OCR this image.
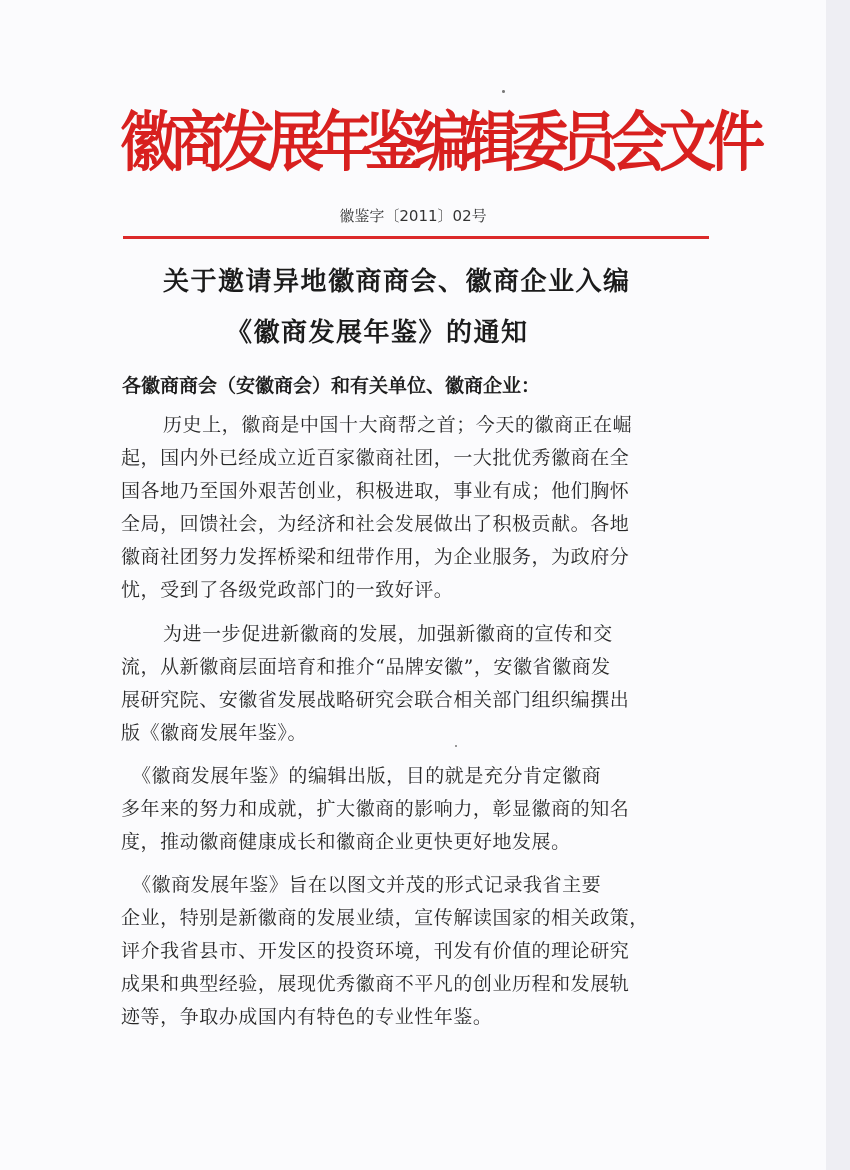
徽商发展年鉴编辑委员会文件
徽鉴字〔2011〕02号
关于邀请异地徽商商会、徽商企业入编
《徽商发展年鉴》的通知
各徽商商会（安徽商会）和有关单位、徽商企业：
历史上，徽商是中国十大商帮之首；今天的徽商正在崛
起，国内外已经成立近百家徽商社团，一大批优秀徽商在全
国各地乃至国外艰苦创业，积极进取，事业有成；他们胸怀
全局，回馈社会，为经济和社会发展做出了积极贡献。各地
徽商社团努力发挥桥梁和纽带作用，为企业服务，为政府分
忧，受到了各级党政部门的一致好评。
为进一步促进新徽商的发展，加强新徽商的宣传和交
流，从新徽商层面培育和推介“品牌安徽”，安徽省徽商发
展研究院、安徽省发展战略研究会联合相关部门组织编撰出
版《徽商发展年鉴》。
《徽商发展年鉴》的编辑出版，目的就是充分肯定徽商
多年来的努力和成就，扩大徽商的影响力，彰显徽商的知名
度，推动徽商健康成长和徽商企业更快更好地发展。
《徽商发展年鉴》旨在以图文并茂的形式记录我省主要
企业，特别是新徽商的发展业绩，宣传解读国家的相关政策，
评介我省县市、开发区的投资环境，刊发有价值的理论研究
成果和典型经验，展现优秀徽商不平凡的创业历程和发展轨
迹等，争取办成国内有特色的专业性年鉴。
